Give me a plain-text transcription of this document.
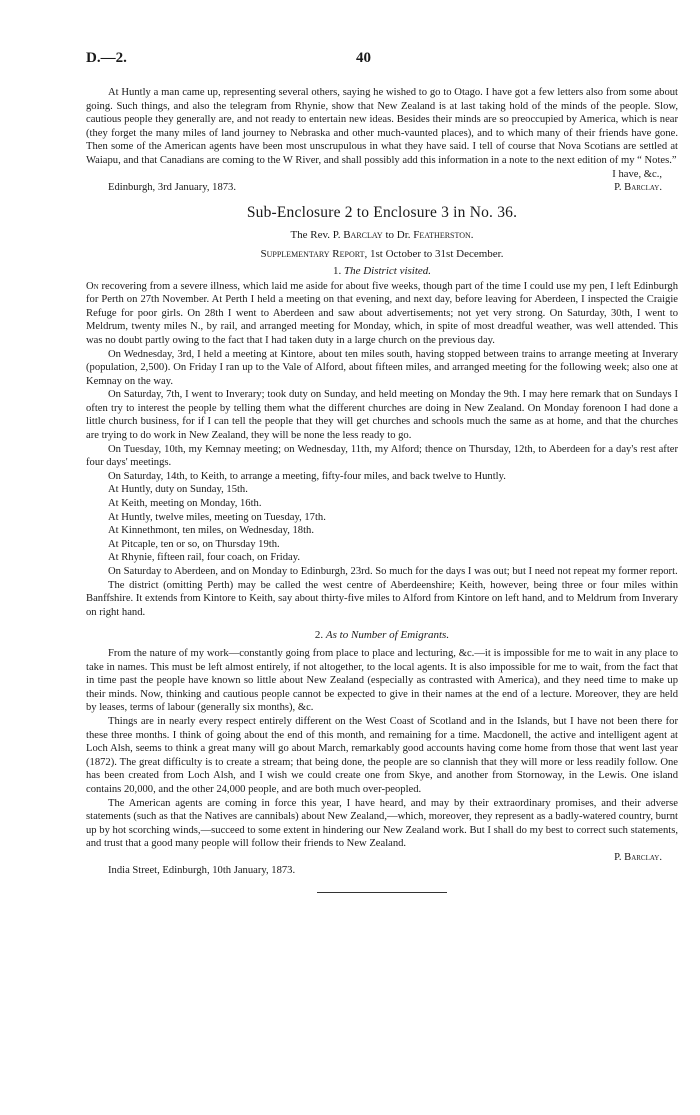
D.—2.	40

At Huntly a man came up, representing several others, saying he wished to go to Otago. I have got a few letters also from some about going. Such things, and also the telegram from Rhynie, show that New Zealand is at last taking hold of the minds of the people. Slow, cautious people they generally are, and not ready to entertain new ideas. Besides their minds are so preoccupied by America, which is near (they forget the many miles of land journey to Nebraska and other much-vaunted places), and to which many of their friends have gone. Then some of the American agents have been most unscrupulous in what they have said. I tell of course that Nova Scotians are settled at Waiapu, and that Canadians are coming to the W River, and shall possibly add this information in a note to the next edition of my “ Notes.”

I have, &c.,
Edinburgh, 3rd January, 1873.	P. Barclay.
Sub-Enclosure 2 to Enclosure 3 in No. 36.
The Rev. P. Barclay to Dr. Featherston.
Supplementary Report, 1st October to 31st December.
1. The District visited.

On recovering from a severe illness, which laid me aside for about five weeks, though part of the time I could use my pen, I left Edinburgh for Perth on 27th November. At Perth I held a meeting on that evening, and next day, before leaving for Aberdeen, I inspected the Craigie Refuge for poor girls. On 28th I went to Aberdeen and saw about advertisements; not yet very strong. On Saturday, 30th, I went to Meldrum, twenty miles N., by rail, and arranged meeting for Monday, which, in spite of most dreadful weather, was well attended. This was no doubt partly owing to the fact that I had taken duty in a large church on the previous day.

On Wednesday, 3rd, I held a meeting at Kintore, about ten miles south, having stopped between trains to arrange meeting at Inverary (population, 2,500). On Friday I ran up to the Vale of Alford, about fifteen miles, and arranged meeting for the following week; also one at Kemnay on the way.

On Saturday, 7th, I went to Inverary; took duty on Sunday, and held meeting on Monday the 9th. I may here remark that on Sundays I often try to interest the people by telling them what the different churches are doing in New Zealand. On Monday forenoon I had done a little church business, for if I can tell the people that they will get churches and schools much the same as at home, and that the churches are trying to do work in New Zealand, they will be none the less ready to go.

On Tuesday, 10th, my Kemnay meeting; on Wednesday, 11th, my Alford; thence on Thursday, 12th, to Aberdeen for a day's rest after four days' meetings.

On Saturday, 14th, to Keith, to arrange a meeting, fifty-four miles, and back twelve to Huntly.

At Huntly, duty on Sunday, 15th.

At Keith, meeting on Monday, 16th.

At Huntly, twelve miles, meeting on Tuesday, 17th.

At Kinnethmont, ten miles, on Wednesday, 18th.

At Pitcaple, ten or so, on Thursday 19th.

At Rhynie, fifteen rail, four coach, on Friday.

On Saturday to Aberdeen, and on Monday to Edinburgh, 23rd. So much for the days I was out; but I need not repeat my former report.

The district (omitting Perth) may be called the west centre of Aberdeenshire; Keith, however, being three or four miles within Banffshire. It extends from Kintore to Keith, say about thirty-five miles to Alford from Kintore on left hand, and to Meldrum from Inverary on right hand.

2. As to Number of Emigrants.

From the nature of my work—constantly going from place to place and lecturing, &c.—it is impossible for me to wait in any place to take in names. This must be left almost entirely, if not altogether, to the local agents. It is also impossible for me to wait, from the fact that in time past the people have known so little about New Zealand (especially as contrasted with America), and they need time to make up their minds. Now, thinking and cautious people cannot be expected to give in their names at the end of a lecture. Moreover, they are held by leases, terms of labour (generally six months), &c.

Things are in nearly every respect entirely different on the West Coast of Scotland and in the Islands, but I have not been there for these three months. I think of going about the end of this month, and remaining for a time. Macdonell, the active and intelligent agent at Loch Alsh, seems to think a great many will go about March, remarkably good accounts having come home from those that went last year (1872). The great difficulty is to create a stream; that being done, the people are so clannish that they will more or less readily follow. One has been created from Loch Alsh, and I wish we could create one from Skye, and another from Stornoway, in the Lewis. One island contains 20,000, and the other 24,000 people, and are both much over-peopled.

The American agents are coming in force this year, I have heard, and may by their extraordinary promises, and their adverse statements (such as that the Natives are cannibals) about New Zealand,—which, moreover, they represent as a badly-watered country, burnt up by hot scorching winds,—succeed to some extent in hindering our New Zealand work. But I shall do my best to correct such statements, and trust that a good many people will follow their friends to New Zealand.

P. Barclay.

India Street, Edinburgh, 10th January, 1873.
